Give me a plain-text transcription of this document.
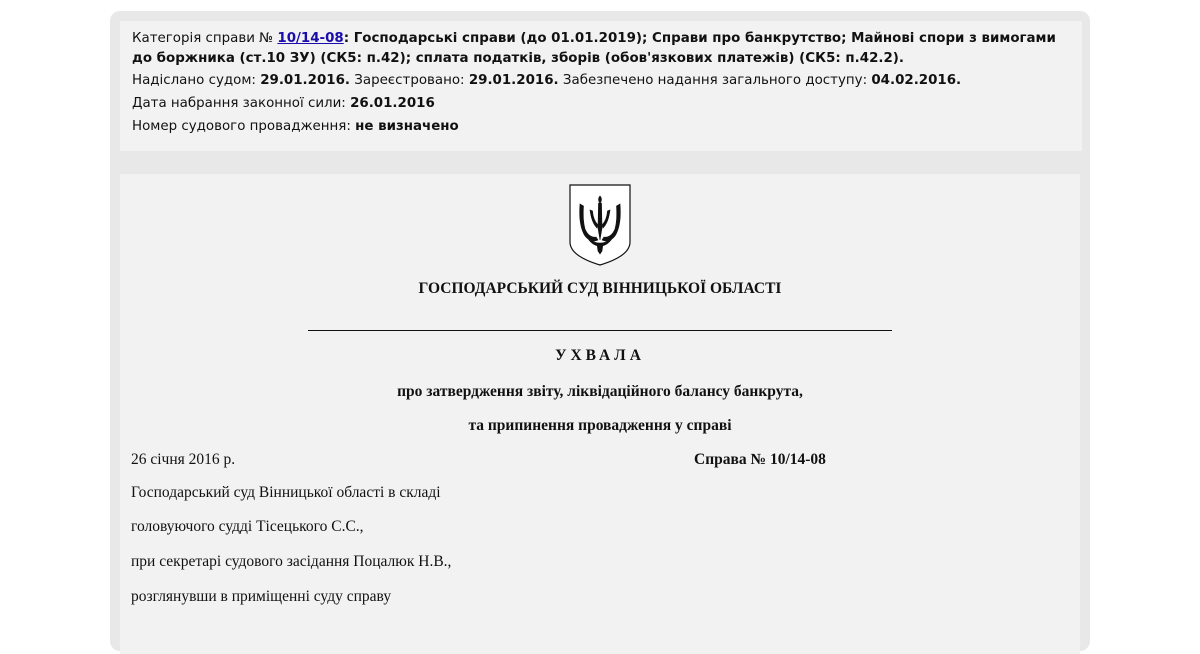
Категорія справи № 10/14-08: Господарські справи (до 01.01.2019); Справи про банкрутство; Майнові спори з вимогами до боржника (ст.10 ЗУ) (СК5: п.42); сплата податків, зборів (обов'язкових платежів) (СК5: п.42.2).
Надіслано судом: 29.01.2016. Зареєстровано: 29.01.2016. Забезпечено надання загального доступу: 04.02.2016.
Дата набрання законної сили: 26.01.2016
Номер судового провадження: не визначено
ГОСПОДАРСЬКИЙ СУД ВІННИЦЬКОЇ ОБЛАСТІ
УХВАЛА
про затвердження звіту, ліквідаційного балансу банкрута,
та припинення провадження у справі
26 січня 2016 р.	Справа № 10/14-08
Господарський суд Вінницької області в складі
головуючого судді Тісецького С.С.,
при секретарі судового засідання Поцалюк Н.В.,
розглянувши в приміщенні суду справу
